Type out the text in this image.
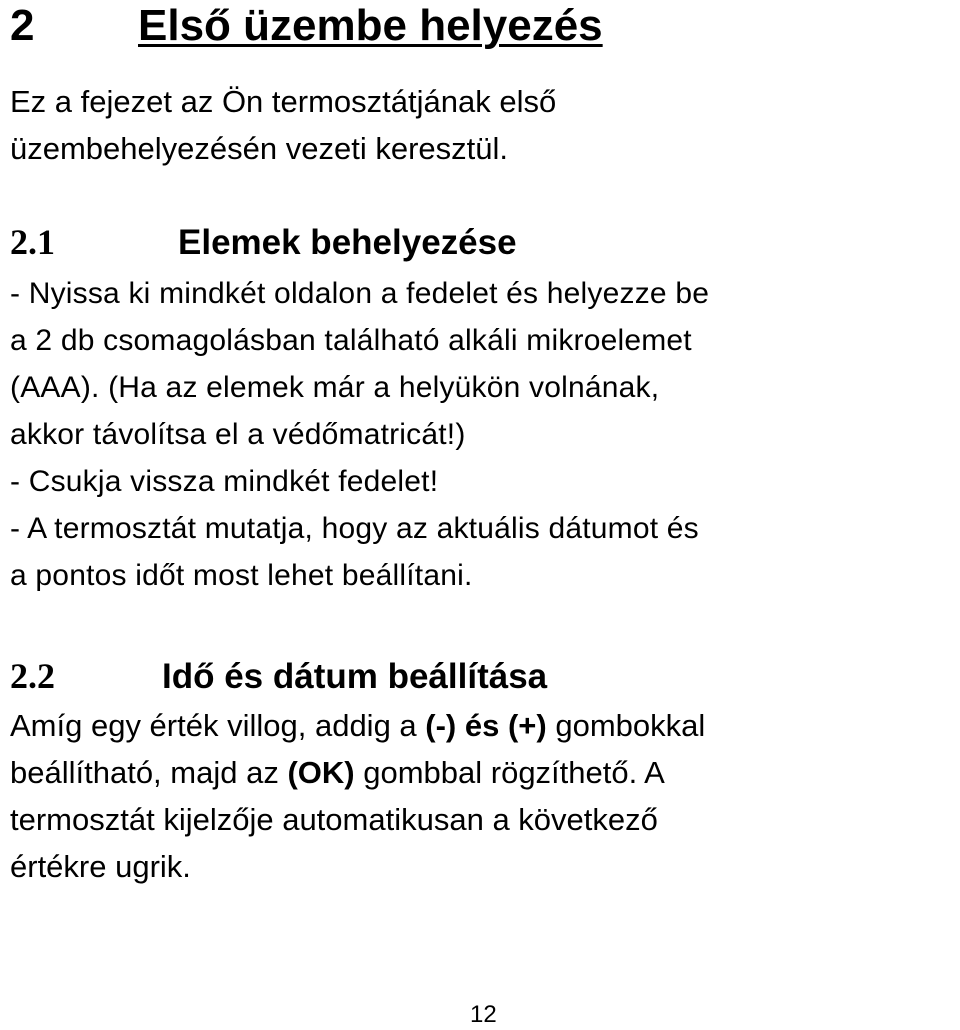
2 Első üzembe helyezés
Ez a fejezet az Ön termosztátjának első
üzembehelyezésén vezeti keresztül.
2.1	Elemek behelyezése
- Nyissa ki mindkét oldalon a fedelet és helyezze be
a 2 db csomagolásban található alkáli mikroelemet
(AAA). (Ha az elemek már a helyükön volnának,
akkor távolítsa el a védőmatricát!)
- Csukja vissza mindkét fedelet!
- A termosztát mutatja, hogy az aktuális dátumot és
a pontos időt most lehet beállítani.
2.2	Idő és dátum beállítása
Amíg egy érték villog, addig a (-) és (+) gombokkal
beállítható, majd az (OK) gombbal rögzíthető. A
termosztát kijelzője automatikusan a következő
értékre ugrik.
12
